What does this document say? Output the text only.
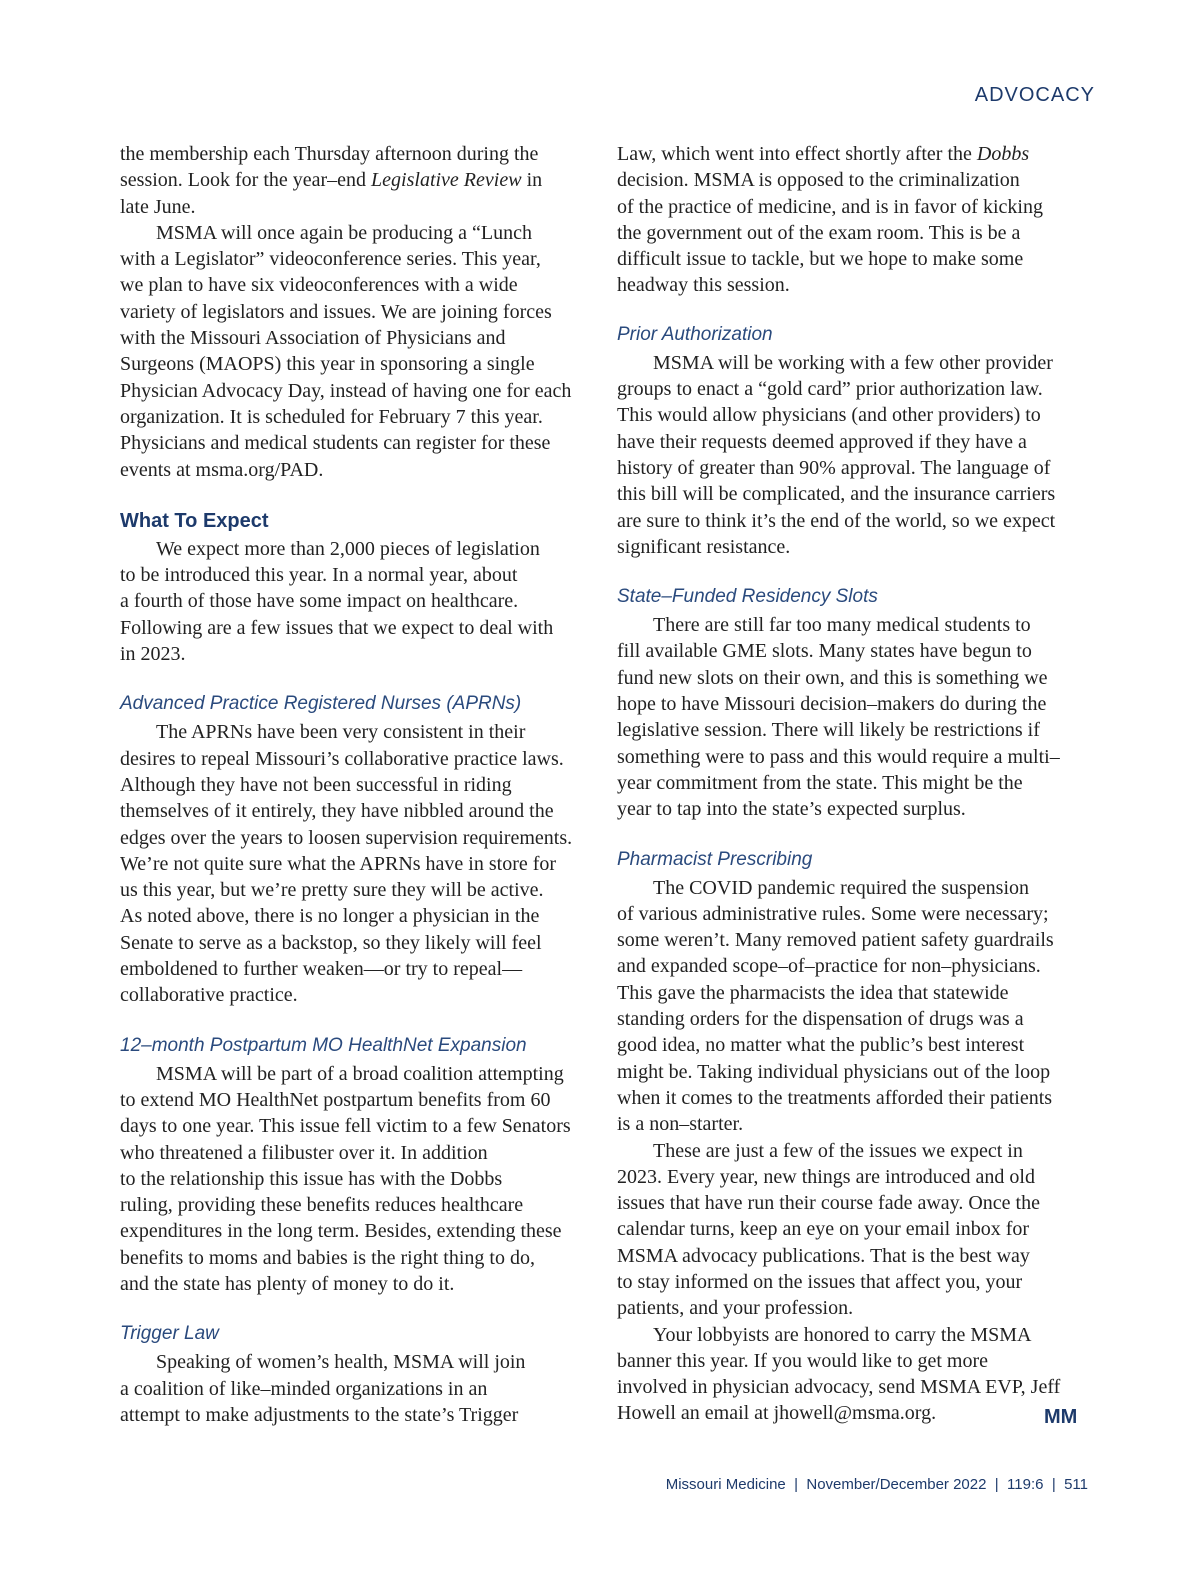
ADVOCACY

the membership each Thursday afternoon during the
session. Look for the year–end Legislative Review in
late June.

MSMA will once again be producing a “Lunch
with a Legislator” videoconference series. This year,
we plan to have six videoconferences with a wide
variety of legislators and issues. We are joining forces
with the Missouri Association of Physicians and
Surgeons (MAOPS) this year in sponsoring a single
Physician Advocacy Day, instead of having one for each
organization. It is scheduled for February 7 this year.
Physicians and medical students can register for these
events at msma.org/PAD.

What To Expect

We expect more than 2,000 pieces of legislation
to be introduced this year. In a normal year, about
a fourth of those have some impact on healthcare.
Following are a few issues that we expect to deal with
in 2023.

Advanced Practice Registered Nurses (APRNs)

The APRNs have been very consistent in their
desires to repeal Missouri’s collaborative practice laws.
Although they have not been successful in riding
themselves of it entirely, they have nibbled around the
edges over the years to loosen supervision requirements.
We’re not quite sure what the APRNs have in store for
us this year, but we’re pretty sure they will be active.
As noted above, there is no longer a physician in the
Senate to serve as a backstop, so they likely will feel
emboldened to further weaken—or try to repeal—
collaborative practice.

12–month Postpartum MO HealthNet Expansion

MSMA will be part of a broad coalition attempting
to extend MO HealthNet postpartum benefits from 60
days to one year. This issue fell victim to a few Senators
who threatened a filibuster over it. In addition
to the relationship this issue has with the Dobbs
ruling, providing these benefits reduces healthcare
expenditures in the long term. Besides, extending these
benefits to moms and babies is the right thing to do,
and the state has plenty of money to do it.

Trigger Law

Speaking of women’s health, MSMA will join
a coalition of like–minded organizations in an
attempt to make adjustments to the state’s Trigger

Law, which went into effect shortly after the Dobbs
decision. MSMA is opposed to the criminalization
of the practice of medicine, and is in favor of kicking
the government out of the exam room. This is be a
difficult issue to tackle, but we hope to make some
headway this session.

Prior Authorization

MSMA will be working with a few other provider
groups to enact a “gold card” prior authorization law.
This would allow physicians (and other providers) to
have their requests deemed approved if they have a
history of greater than 90% approval. The language of
this bill will be complicated, and the insurance carriers
are sure to think it’s the end of the world, so we expect
significant resistance.

State–Funded Residency Slots

There are still far too many medical students to
fill available GME slots. Many states have begun to
fund new slots on their own, and this is something we
hope to have Missouri decision–makers do during the
legislative session. There will likely be restrictions if
something were to pass and this would require a multi–
year commitment from the state. This might be the
year to tap into the state’s expected surplus.

Pharmacist Prescribing

The COVID pandemic required the suspension
of various administrative rules. Some were necessary;
some weren’t. Many removed patient safety guardrails
and expanded scope–of–practice for non–physicians.
This gave the pharmacists the idea that statewide
standing orders for the dispensation of drugs was a
good idea, no matter what the public’s best interest
might be. Taking individual physicians out of the loop
when it comes to the treatments afforded their patients
is a non–starter.

These are just a few of the issues we expect in
2023. Every year, new things are introduced and old
issues that have run their course fade away. Once the
calendar turns, keep an eye on your email inbox for
MSMA advocacy publications. That is the best way
to stay informed on the issues that affect you, your
patients, and your profession.

Your lobbyists are honored to carry the MSMA
banner this year. If you would like to get more
involved in physician advocacy, send MSMA EVP, Jeff
Howell an email at jhowell@msma.org.	MM
Missouri Medicine | November/December 2022 | 119:6 | 511
